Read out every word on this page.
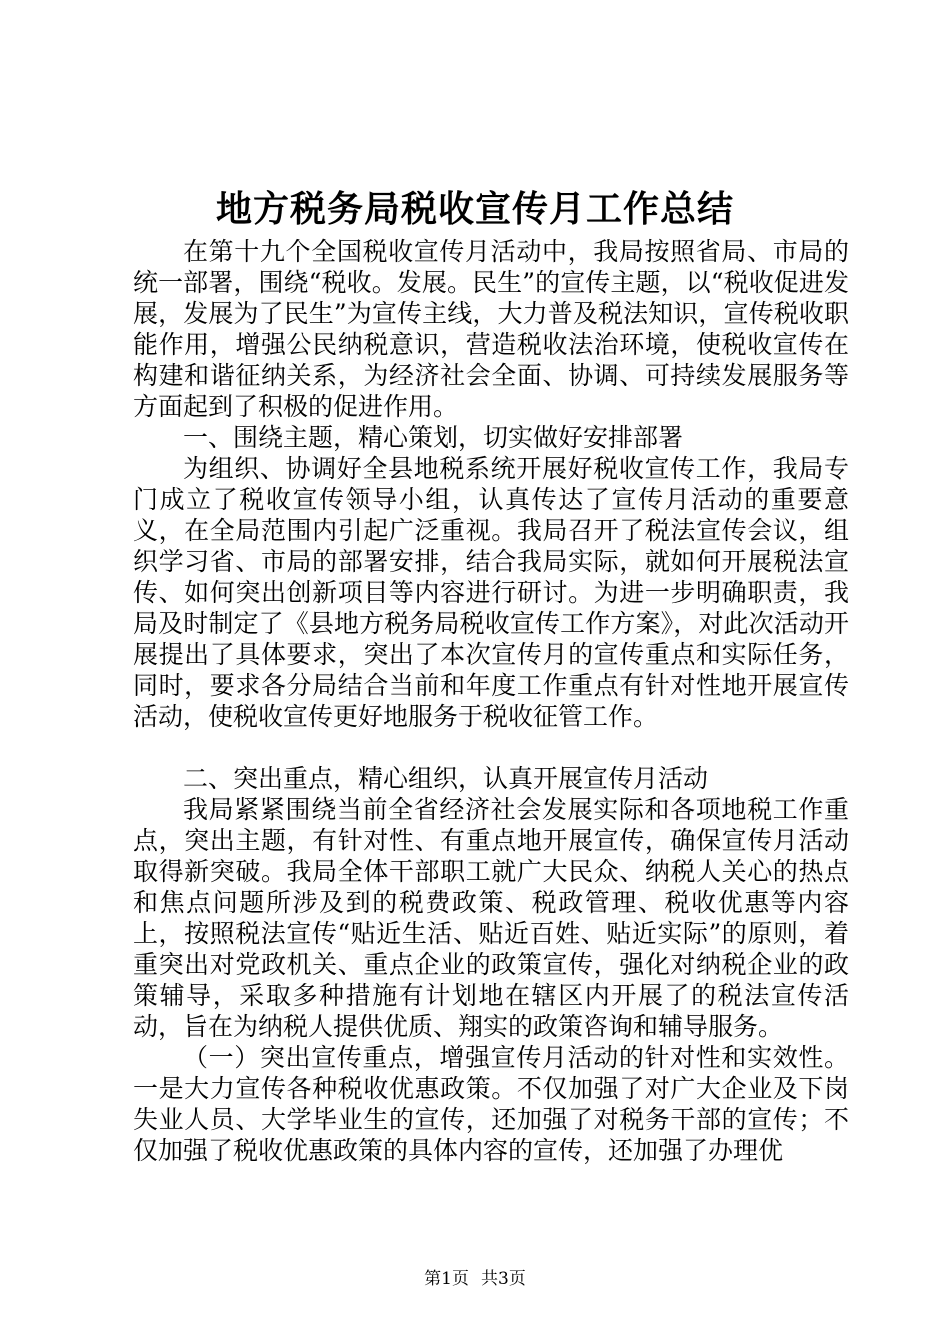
地方税务局税收宣传月工作总结

在第十九个全国税收宣传月活动中，我局按照省局、市局的统一部署，围绕“税收。发展。民生”的宣传主题，以“税收促进发展，发展为了民生”为宣传主线，大力普及税法知识，宣传税收职能作用，增强公民纳税意识，营造税收法治环境，使税收宣传在构建和谐征纳关系，为经济社会全面、协调、可持续发展服务等方面起到了积极的促进作用。

一、围绕主题，精心策划，切实做好安排部署

为组织、协调好全县地税系统开展好税收宣传工作，我局专门成立了税收宣传领导小组，认真传达了宣传月活动的重要意义，在全局范围内引起广泛重视。我局召开了税法宣传会议，组织学习省、市局的部署安排，结合我局实际，就如何开展税法宣传、如何突出创新项目等内容进行研讨。为进一步明确职责，我局及时制定了《县地方税务局税收宣传工作方案》，对此次活动开展提出了具体要求，突出了本次宣传月的宣传重点和实际任务，同时，要求各分局结合当前和年度工作重点有针对性地开展宣传活动，使税收宣传更好地服务于税收征管工作。

二、突出重点，精心组织，认真开展宣传月活动

我局紧紧围绕当前全省经济社会发展实际和各项地税工作重点，突出主题，有针对性、有重点地开展宣传，确保宣传月活动取得新突破。我局全体干部职工就广大民众、纳税人关心的热点和焦点问题所涉及到的税费政策、税政管理、税收优惠等内容上，按照税法宣传“贴近生活、贴近百姓、贴近实际”的原则，着重突出对党政机关、重点企业的政策宣传，强化对纳税企业的政策辅导，采取多种措施有计划地在辖区内开展了的税法宣传活动，旨在为纳税人提供优质、翔实的政策咨询和辅导服务。

（一）突出宣传重点，增强宣传月活动的针对性和实效性。一是大力宣传各种税收优惠政策。不仅加强了对广大企业及下岗失业人员、大学毕业生的宣传，还加强了对税务干部的宣传；不仅加强了税收优惠政策的具体内容的宣传，还加强了办理优

第1页 共3页
